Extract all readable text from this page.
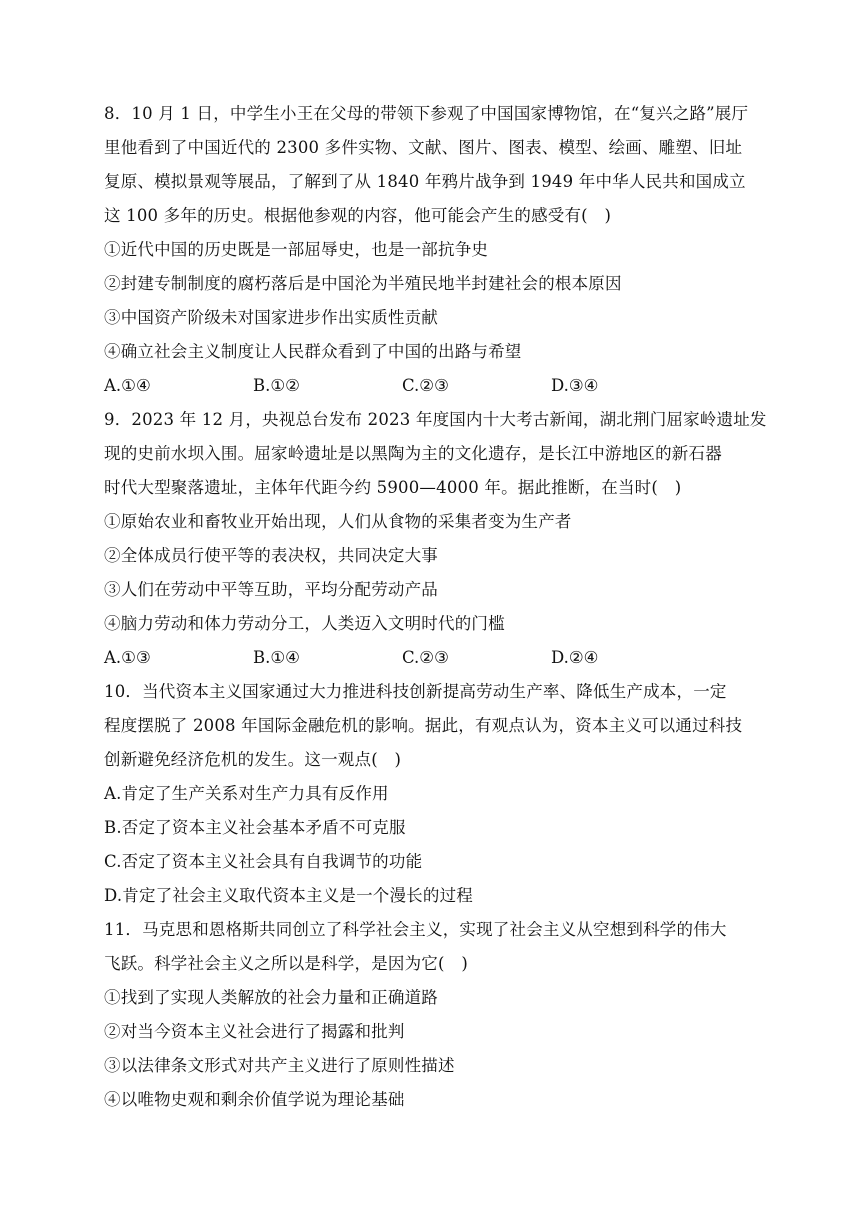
8．10 月 1 日，中学生小王在父母的带领下参观了中国国家博物馆，在“复兴之路”展厅
里他看到了中国近代的 2300 多件实物、文献、图片、图表、模型、绘画、雕塑、旧址
复原、模拟景观等展品，了解到了从 1840 年鸦片战争到 1949 年中华人民共和国成立
这 100 多年的历史。根据他参观的内容，他可能会产生的感受有(　)
①近代中国的历史既是一部屈辱史，也是一部抗争史
②封建专制制度的腐朽落后是中国沦为半殖民地半封建社会的根本原因
③中国资产阶级未对国家进步作出实质性贡献
④确立社会主义制度让人民群众看到了中国的出路与希望
A.①④	B.①②	C.②③	D.③④
9．2023 年 12 月，央视总台发布 2023 年度国内十大考古新闻，湖北荆门屈家岭遗址发
现的史前水坝入围。屈家岭遗址是以黑陶为主的文化遗存，是长江中游地区的新石器
时代大型聚落遗址，主体年代距今约 5900—4000 年。据此推断，在当时(　)
①原始农业和畜牧业开始出现，人们从食物的采集者变为生产者
②全体成员行使平等的表决权，共同决定大事
③人们在劳动中平等互助，平均分配劳动产品
④脑力劳动和体力劳动分工，人类迈入文明时代的门槛
A.①③	B.①④	C.②③	D.②④
10．当代资本主义国家通过大力推进科技创新提高劳动生产率、降低生产成本，一定
程度摆脱了 2008 年国际金融危机的影响。据此，有观点认为，资本主义可以通过科技
创新避免经济危机的发生。这一观点(　)
A.肯定了生产关系对生产力具有反作用
B.否定了资本主义社会基本矛盾不可克服
C.否定了资本主义社会具有自我调节的功能
D.肯定了社会主义取代资本主义是一个漫长的过程
11．马克思和恩格斯共同创立了科学社会主义，实现了社会主义从空想到科学的伟大
飞跃。科学社会主义之所以是科学，是因为它(　)
①找到了实现人类解放的社会力量和正确道路
②对当今资本主义社会进行了揭露和批判
③以法律条文形式对共产主义进行了原则性描述
④以唯物史观和剩余价值学说为理论基础
